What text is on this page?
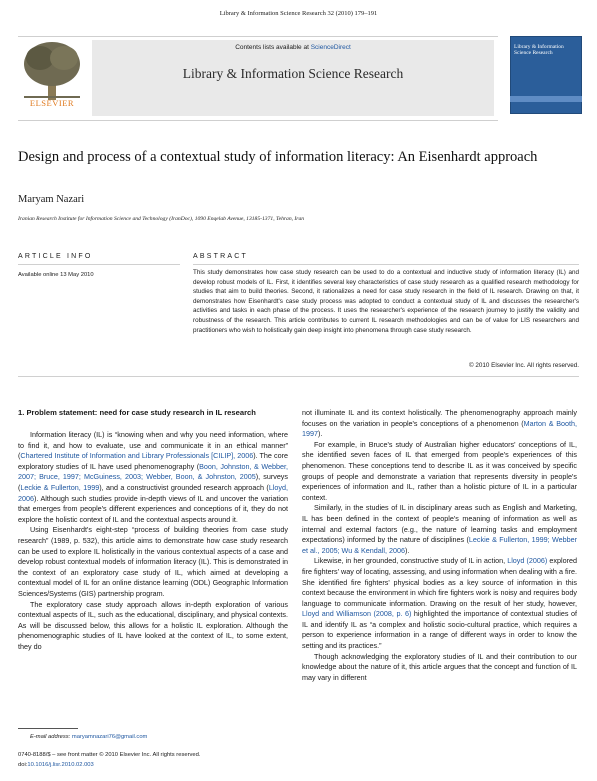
Library & Information Science Research 32 (2010) 179–191
Contents lists available at ScienceDirect
Library & Information Science Research
ELSEVIER
Library & Information Science Research
Design and process of a contextual study of information literacy: An Eisenhardt approach
Maryam Nazari
Iranian Research Institute for Information Science and Technology (IranDoc), 1090 Enqelab Avenue, 13185-1371, Tehran, Iran
ARTICLE INFO
Available online 13 May 2010
ABSTRACT
This study demonstrates how case study research can be used to do a contextual and inductive study of information literacy (IL) and develop robust models of IL. First, it identifies several key characteristics of case study research as a qualified research methodology for studies that aim to build theories. Second, it rationalizes a need for case study research in the field of IL research. Drawing on that, it demonstrates how Eisenhardt's case study process was adopted to conduct a contextual study of IL and discusses the researcher's activities and tasks in each phase of the process. It uses the researcher's experience of the research journey to justify the validity and robustness of the research. This article contributes to current IL research methodologies and can be of value for LIS researchers and practitioners who wish to holistically gain deep insight into phenomena through case study research.
© 2010 Elsevier Inc. All rights reserved.
1. Problem statement: need for case study research in IL research

Information literacy (IL) is “knowing when and why you need information, where to find it, and how to evaluate, use and communicate it in an ethical manner” (Chartered Institute of Information and Library Professionals [CILIP], 2006). The core exploratory studies of IL have used phenomenography (Boon, Johnston, & Webber, 2007; Bruce, 1997; McGuiness, 2003; Webber, Boon, & Johnston, 2005), surveys (Leckie & Fullerton, 1999), and a constructivist grounded research approach (Lloyd, 2006). Although such studies provide in-depth views of IL and uncover the variation that emerges from people's different experiences and conceptions of it, they do not explore the holistic context of IL and the contextual aspects around it.

Using Eisenhardt's eight-step “process of building theories from case study research” (1989, p. 532), this article aims to demonstrate how case study research can be used to explore IL holistically in the various contextual aspects of a case and develop robust contextual models of information literacy (IL). This is demonstrated in the context of an exploratory case study of IL, which aimed at developing a contextual model of IL for an online distance learning (ODL) Geographic Information Sciences/Systems (GIS) partnership program.

The exploratory case study approach allows in-depth exploration of various contextual aspects of IL, such as the educational, disciplinary, and physical contexts. As will be discussed below, this allows for a holistic IL exploration. Although the phenomenographic studies of IL have looked at the context of IL, to some extent, they do

not illuminate IL and its context holistically. The phenomenography approach mainly focuses on the variation in people's conceptions of a phenomenon (Marton & Booth, 1997).

For example, in Bruce's study of Australian higher educators' conceptions of IL, she identified seven faces of IL that emerged from people's experiences of this phenomenon. These conceptions tend to describe IL as it was conceived by specific groups of people and demonstrate a variation that represents diversity in people's experiences of information and IL, rather than a holistic picture of IL in a particular context.

Similarly, in the studies of IL in disciplinary areas such as English and Marketing, IL has been defined in the context of people's meaning of information as well as internal and external factors (e.g., the nature of learning tasks and employment expectations) informed by the nature of disciplines (Leckie & Fullerton, 1999; Webber et al., 2005; Wu & Kendall, 2006).

Likewise, in her grounded, constructive study of IL in action, Lloyd (2006) explored fire fighters' way of locating, assessing, and using information when dealing with a fire. She identified fire fighters' physical bodies as a key source of information in this context because the environment in which fire fighters work is noisy and requires body language to communicate information. Drawing on the result of her study, however, Lloyd and Williamson (2008, p. 6) highlighted the importance of contextual studies of IL and identify IL as “a complex and holistic socio-cultural practice, which requires a person to experience information in a range of different ways in order to know the setting and its practices.”

Though acknowledging the exploratory studies of IL and their contribution to our knowledge about the nature of it, this article argues that the concept and function of IL may vary in different

E-mail address: maryamnazari76@gmail.com
0740-8188/$ – see front matter © 2010 Elsevier Inc. All rights reserved.
doi:10.1016/j.lisr.2010.02.003
